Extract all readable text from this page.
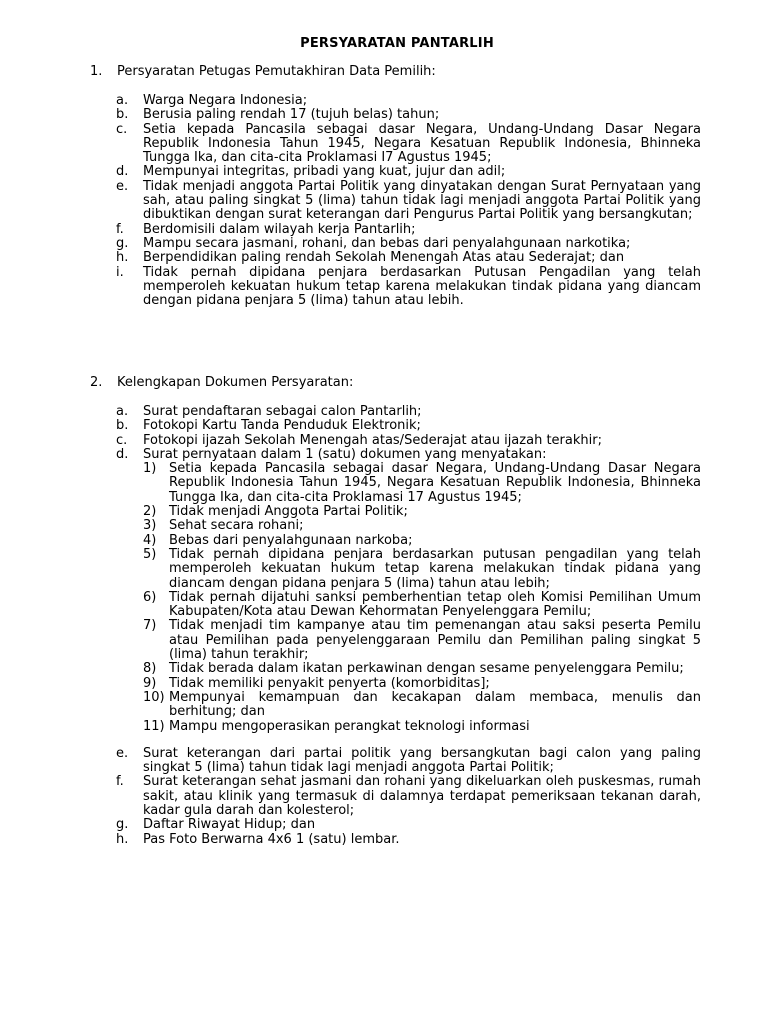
PERSYARATAN PANTARLIH
1. Persyaratan Petugas Pemutakhiran Data Pemilih:
a. Warga Negara Indonesia;
b. Berusia paling rendah 17 (tujuh belas) tahun;
c. Setia kepada Pancasila sebagai dasar Negara, Undang-Undang Dasar Negara Republik Indonesia Tahun 1945, Negara Kesatuan Republik Indonesia, Bhinneka Tungga Ika, dan cita-cita Proklamasi I7 Agustus 1945;
d. Mempunyai integritas, pribadi yang kuat, jujur dan adil;
e. Tidak menjadi anggota Partai Politik yang dinyatakan dengan Surat Pernyataan yang sah, atau paling singkat 5 (lima) tahun tidak lagi menjadi anggota Partai Politik yang dibuktikan dengan surat keterangan dari Pengurus Partai Politik yang bersangkutan;
f. Berdomisili dalam wilayah kerja Pantarlih;
g. Mampu secara jasmani, rohani, dan bebas dari penyalahgunaan narkotika;
h. Berpendidikan paling rendah Sekolah Menengah Atas atau Sederajat; dan
i. Tidak pernah dipidana penjara berdasarkan Putusan Pengadilan yang telah memperoleh kekuatan hukum tetap karena melakukan tindak pidana yang diancam dengan pidana penjara 5 (lima) tahun atau lebih.
2. Kelengkapan Dokumen Persyaratan:
a. Surat pendaftaran sebagai calon Pantarlih;
b. Fotokopi Kartu Tanda Penduduk Elektronik;
c. Fotokopi ijazah Sekolah Menengah atas/Sederajat atau ijazah terakhir;
d. Surat pernyataan dalam 1 (satu) dokumen yang menyatakan:
1) Setia kepada Pancasila sebagai dasar Negara, Undang-Undang Dasar Negara Republik Indonesia Tahun 1945, Negara Kesatuan Republik Indonesia, Bhinneka Tungga Ika, dan cita-cita Proklamasi 17 Agustus 1945;
2) Tidak menjadi Anggota Partai Politik;
3) Sehat secara rohani;
4) Bebas dari penyalahgunaan narkoba;
5) Tidak pernah dipidana penjara berdasarkan putusan pengadilan yang telah memperoleh kekuatan hukum tetap karena melakukan tindak pidana yang diancam dengan pidana penjara 5 (lima) tahun atau lebih;
6) Tidak pernah dijatuhi sanksi pemberhentian tetap oleh Komisi Pemilihan Umum Kabupaten/Kota atau Dewan Kehormatan Penyelenggara Pemilu;
7) Tidak menjadi tim kampanye atau tim pemenangan atau saksi peserta Pemilu atau Pemilihan pada penyelenggaraan Pemilu dan Pemilihan paling singkat 5 (lima) tahun terakhir;
8) Tidak berada dalam ikatan perkawinan dengan sesame penyelenggara Pemilu;
9) Tidak memiliki penyakit penyerta (komorbiditas];
10) Mempunyai kemampuan dan kecakapan dalam membaca, menulis dan berhitung; dan
11) Mampu mengoperasikan perangkat teknologi informasi
e. Surat keterangan dari partai politik yang bersangkutan bagi calon yang paling singkat 5 (lima) tahun tidak lagi menjadi anggota Partai Politik;
f. Surat keterangan sehat jasmani dan rohani yang dikeluarkan oleh puskesmas, rumah sakit, atau klinik yang termasuk di dalamnya terdapat pemeriksaan tekanan darah, kadar gula darah dan kolesterol;
g. Daftar Riwayat Hidup; dan
h. Pas Foto Berwarna 4x6 1 (satu) lembar.
